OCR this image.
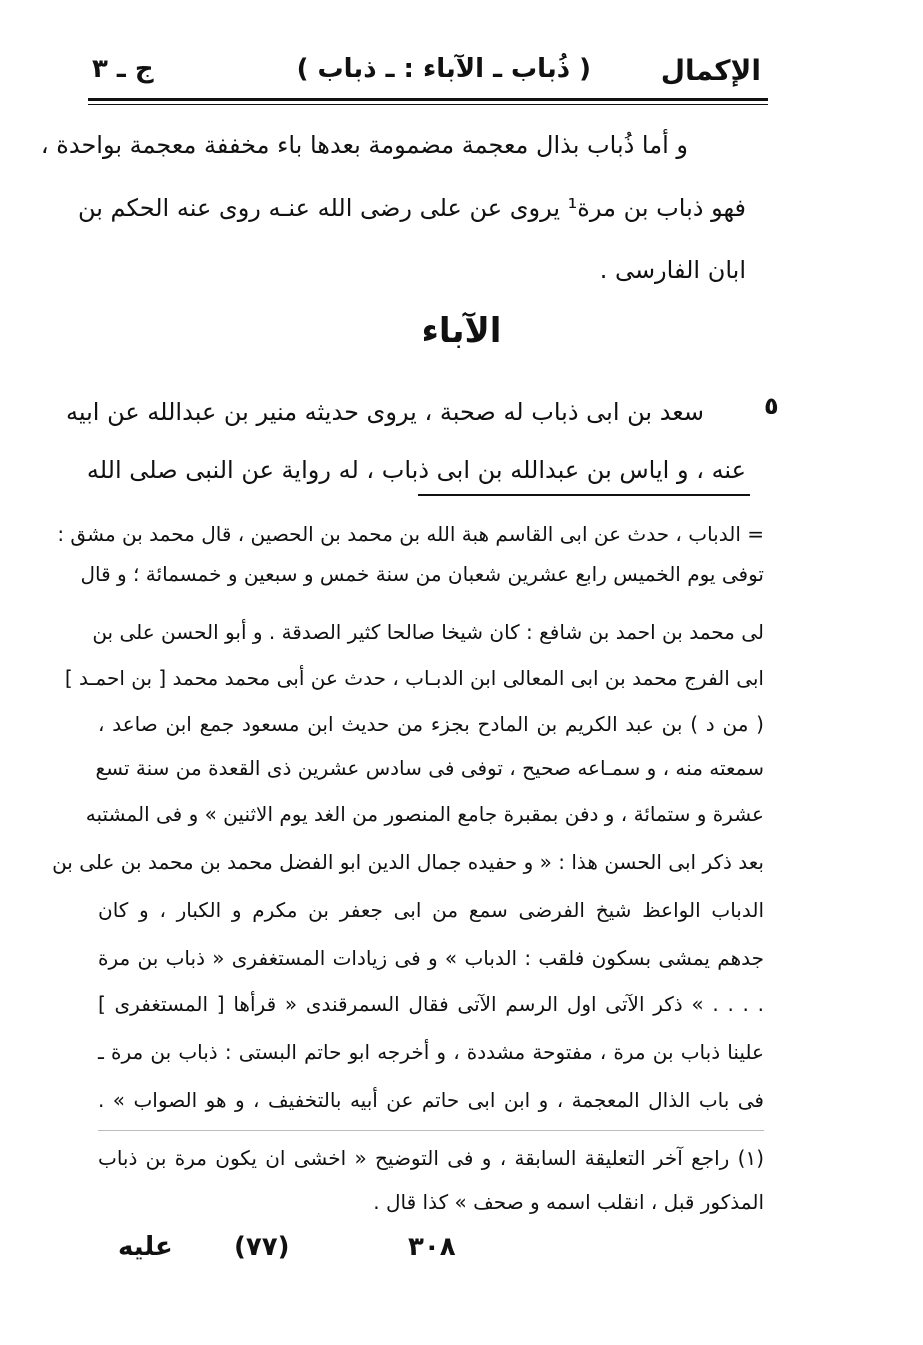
الإكمال
( ذُباب ـ الآباء : ـ ذباب )
ج ـ ٣
و أما ذُباب بذال معجمة مضمومة بعدها باء مخففة معجمة بواحدة ،
فهو ذباب بن مرة¹ يروى عن على رضى الله عنـه روى عنه الحكم بن
ابان الفارسى .
الآباء
٥
سعد بن ابى ذباب له صحبة ، يروى حديثه منير بن عبدالله عن ابيه
عنه ، و اياس بن عبدالله بن ابى ذباب ، له رواية عن النبى صلى الله
= الدباب ، حدث عن ابى القاسم هبة الله بن محمد بن الحصين ، قال محمد بن مشق :
توفى يوم الخميس رابع عشرين شعبان من سنة خمس و سبعين و خمسمائة ؛ و قال
لى محمد بن احمد بن شافع : كان شيخا صالحا كثير الصدقة . و أبو الحسن على بن
ابى الفرج محمد بن ابى المعالى ابن الدبـاب ، حدث عن أبى محمد محمد [ بن احمـد ]
( من د ) بن عبد الكريم بن المادح بجزء من حديث ابن مسعود جمع ابن صاعد ،
سمعته منه ، و سمـاعه صحيح ، توفى فى سادس عشرين ذى القعدة من سنة تسع
عشرة و ستمائة ، و دفن بمقبرة جامع المنصور من الغد يوم الاثنين » و فى المشتبه
بعد ذكر ابى الحسن هذا : « و حفيده جمال الدين ابو الفضل محمد بن محمد بن على بن
الدباب الواعظ شيخ الفرضى سمع من ابى جعفر بن مكرم و الكبار ، و كان
جدهم يمشى بسكون فلقب : الدباب » و فى زيادات المستغفرى « ذباب بن مرة
. . . . » ذكر الآتى اول الرسم الآتى فقال السمرقندى « قرأها [ المستغفرى ]
علينا ذباب بن مرة ، مفتوحة مشددة ، و أخرجه ابو حاتم البستى : ذباب بن مرة ـ
فى باب الذال المعجمة ، و ابن ابى حاتم عن أبيه بالتخفيف ، و هو الصواب » .
(١) راجع آخر التعليقة السابقة ، و فى التوضيح « اخشى ان يكون مرة بن ذباب
المذكور قبل ، انقلب اسمه و صحف » كذا قال .
٣٠٨
(٧٧)
عليه
